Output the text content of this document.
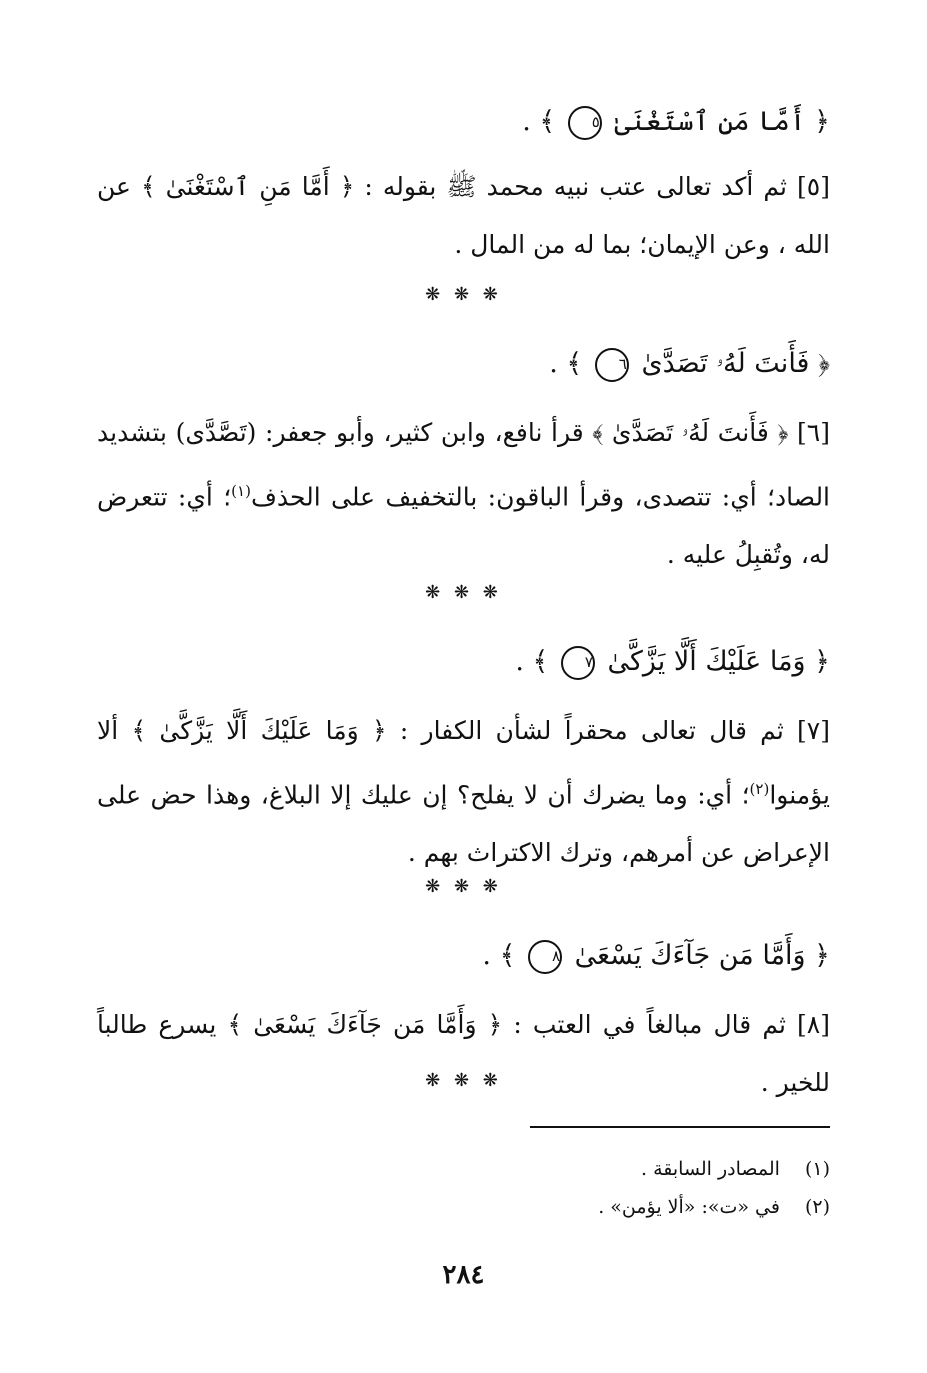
﴿ أَمَّا مَنِ ٱسْتَغْنَىٰ ٥ ﴾ .
[٥] ثم أكد تعالى عتب نبيه محمد ﷺ بقوله : ﴿ أَمَّا مَنِ ٱسْتَغْنَىٰ ﴾ عن الله ، وعن الإيمان؛ بما له من المال .
❋ ❋ ❋
﴿ فَأَنتَ لَهُۥ تَصَدَّىٰ ٦ ﴾ .
[٦] ﴿ فَأَنتَ لَهُۥ تَصَدَّىٰ ﴾ قرأ نافع، وابن كثير، وأبو جعفر: (تَصَّدَّى) بتشديد الصاد؛ أي: تتصدى، وقرأ الباقون: بالتخفيف على الحذف$^{(١)}$؛ أي: تتعرض له، وتُقبِلُ عليه .
❋ ❋ ❋
﴿ وَمَا عَلَيْكَ أَلَّا يَزَّكَّىٰ ٧ ﴾ .
[٧] ثم قال تعالى محقراً لشأن الكفار : ﴿ وَمَا عَلَيْكَ أَلَّا يَزَّكَّىٰ ﴾ ألا يؤمنوا$^{(٢)}$؛ أي: وما يضرك أن لا يفلح؟ إن عليك إلا البلاغ، وهذا حض على الإعراض عن أمرهم، وترك الاكتراث بهم .
❋ ❋ ❋
﴿ وَأَمَّا مَن جَآءَكَ يَسْعَىٰ ٨ ﴾ .
[٨] ثم قال مبالغاً في العتب : ﴿ وَأَمَّا مَن جَآءَكَ يَسْعَىٰ ﴾ يسرع طالباً للخير .
❋ ❋ ❋
(١) المصادر السابقة .
(٢) في «ت»: «ألا يؤمن» .
٢٨٤
